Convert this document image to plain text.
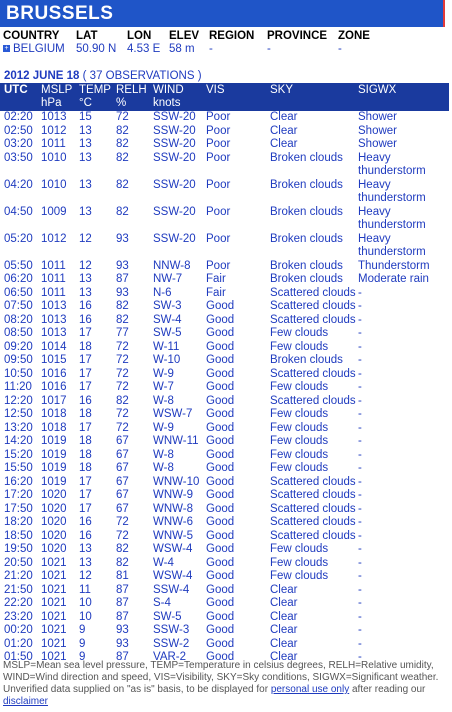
BRUSSELS
COUNTRY	LAT	LON	ELEV	REGION	PROVINCE	ZONE
+ BELGIUM	50.90 N	4.53 E	58 m	-	-	-
2012 JUNE 18 ( 37 OBSERVATIONS )
UTC	MSLP hPa	TEMP °C	RELH %	WIND knots	VIS	SKY	SIGWX
02:20	1013	15	72	SSW-20	Poor	Clear	Shower
02:50	1012	13	82	SSW-20	Poor	Clear	Shower
03:20	1011	13	82	SSW-20	Poor	Clear	Shower
03:50	1010	13	82	SSW-20	Poor	Broken clouds	Heavy thunderstorm
04:20	1010	13	82	SSW-20	Poor	Broken clouds	Heavy thunderstorm
04:50	1009	13	82	SSW-20	Poor	Broken clouds	Heavy thunderstorm
05:20	1012	12	93	SSW-20	Poor	Broken clouds	Heavy thunderstorm
05:50	1011	12	93	NNW-8	Poor	Broken clouds	Thunderstorm
06:20	1011	13	87	NW-7	Fair	Broken clouds	Moderate rain
06:50	1011	13	93	N-6	Fair	Scattered clouds	-
07:50	1013	16	82	SW-3	Good	Scattered clouds	-
08:20	1013	16	82	SW-4	Good	Scattered clouds	-
08:50	1013	17	77	SW-5	Good	Few clouds	-
09:20	1014	18	72	W-11	Good	Few clouds	-
09:50	1015	17	72	W-10	Good	Broken clouds	-
10:50	1016	17	72	W-9	Good	Scattered clouds	-
11:20	1016	17	72	W-7	Good	Few clouds	-
12:20	1017	16	82	W-8	Good	Scattered clouds	-
12:50	1018	18	72	WSW-7	Good	Few clouds	-
13:20	1018	17	72	W-9	Good	Few clouds	-
14:20	1019	18	67	WNW-11	Good	Few clouds	-
15:20	1019	18	67	W-8	Good	Few clouds	-
15:50	1019	18	67	W-8	Good	Few clouds	-
16:20	1019	17	67	WNW-10	Good	Scattered clouds	-
17:20	1020	17	67	WNW-9	Good	Scattered clouds	-
17:50	1020	17	67	WNW-8	Good	Scattered clouds	-
18:20	1020	16	72	WNW-6	Good	Scattered clouds	-
18:50	1020	16	72	WNW-5	Good	Scattered clouds	-
19:50	1020	13	82	WSW-4	Good	Few clouds	-
20:50	1021	13	82	W-4	Good	Few clouds	-
21:20	1021	12	81	WSW-4	Good	Few clouds	-
21:50	1021	11	87	SSW-4	Good	Clear	-
22:20	1021	10	87	S-4	Good	Clear	-
23:20	1021	10	87	SW-5	Good	Clear	-
00:20	1021	9	93	SSW-3	Good	Clear	-
01:20	1021	9	93	SSW-2	Good	Clear	-
01:50	1021	9	87	VAR-2	Good	Clear	-
MSLP=Mean sea level pressure, TEMP=Temperature in celsius degrees, RELH=Relative umidity, WIND=Wind direction and speed, VIS=Visibility, SKY=Sky conditions, SIGWX=Significant weather.
Unverified data supplied on "as is" basis, to be displayed for personal use only after reading our disclaimer
